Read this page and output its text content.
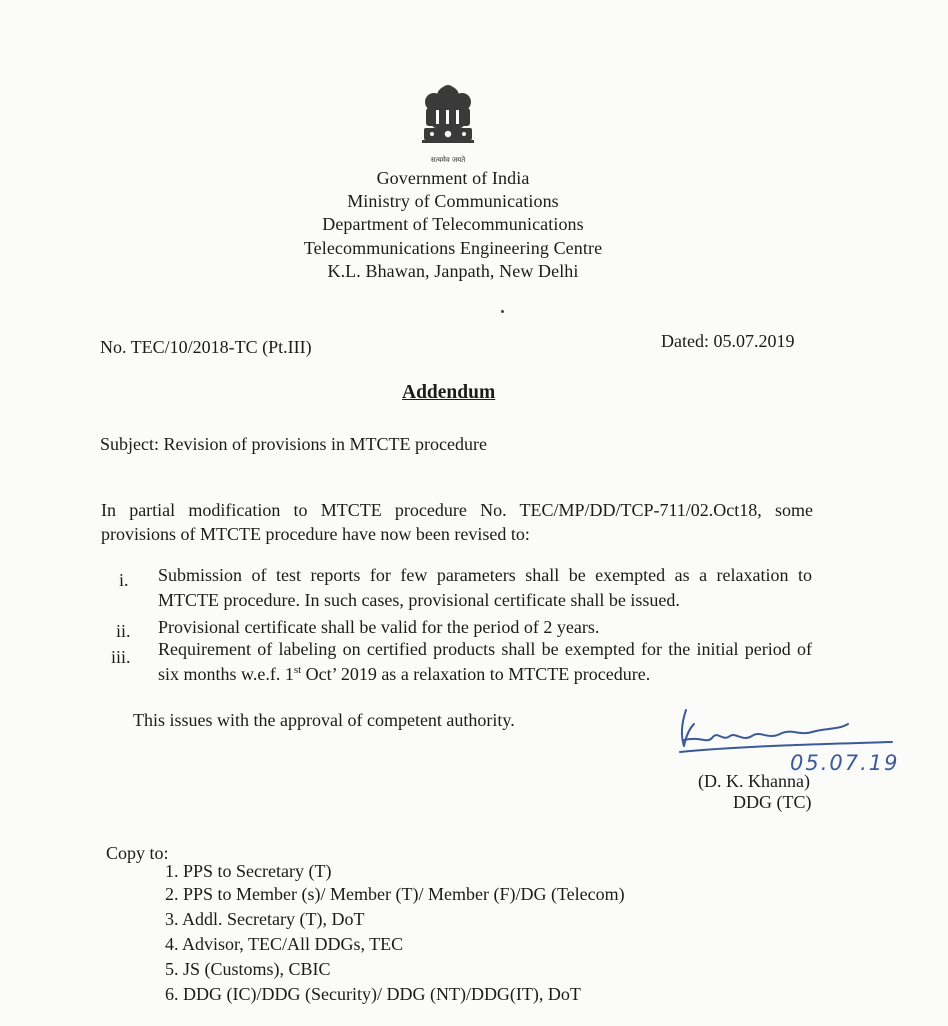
सत्यमेव जयते
Government of India
Ministry of Communications
Department of Telecommunications
Telecommunications Engineering Centre
K.L. Bhawan, Janpath, New Delhi
No. TEC/10/2018-TC (Pt.III)	Dated: 05.07.2019
Addendum
Subject: Revision of provisions in MTCTE procedure
In partial modification to MTCTE procedure No. TEC/MP/DD/TCP-711/02.Oct18, some provisions of MTCTE procedure have now been revised to:
i. Submission of test reports for few parameters shall be exempted as a relaxation to MTCTE procedure. In such cases, provisional certificate shall be issued.
ii. Provisional certificate shall be valid for the period of 2 years.
iii. Requirement of labeling on certified products shall be exempted for the initial period of six months w.e.f. 1st Oct’ 2019 as a relaxation to MTCTE procedure.
This issues with the approval of competent authority.
(D. K. Khanna)
05.07.19
DDG (TC)
Copy to:
1. PPS to Secretary (T)
2. PPS to Member (s)/ Member (T)/ Member (F)/DG (Telecom)
3. Addl. Secretary (T), DoT
4. Advisor, TEC/All DDGs, TEC
5. JS (Customs), CBIC
6. DDG (IC)/DDG (Security)/ DDG (NT)/DDG(IT), DoT
